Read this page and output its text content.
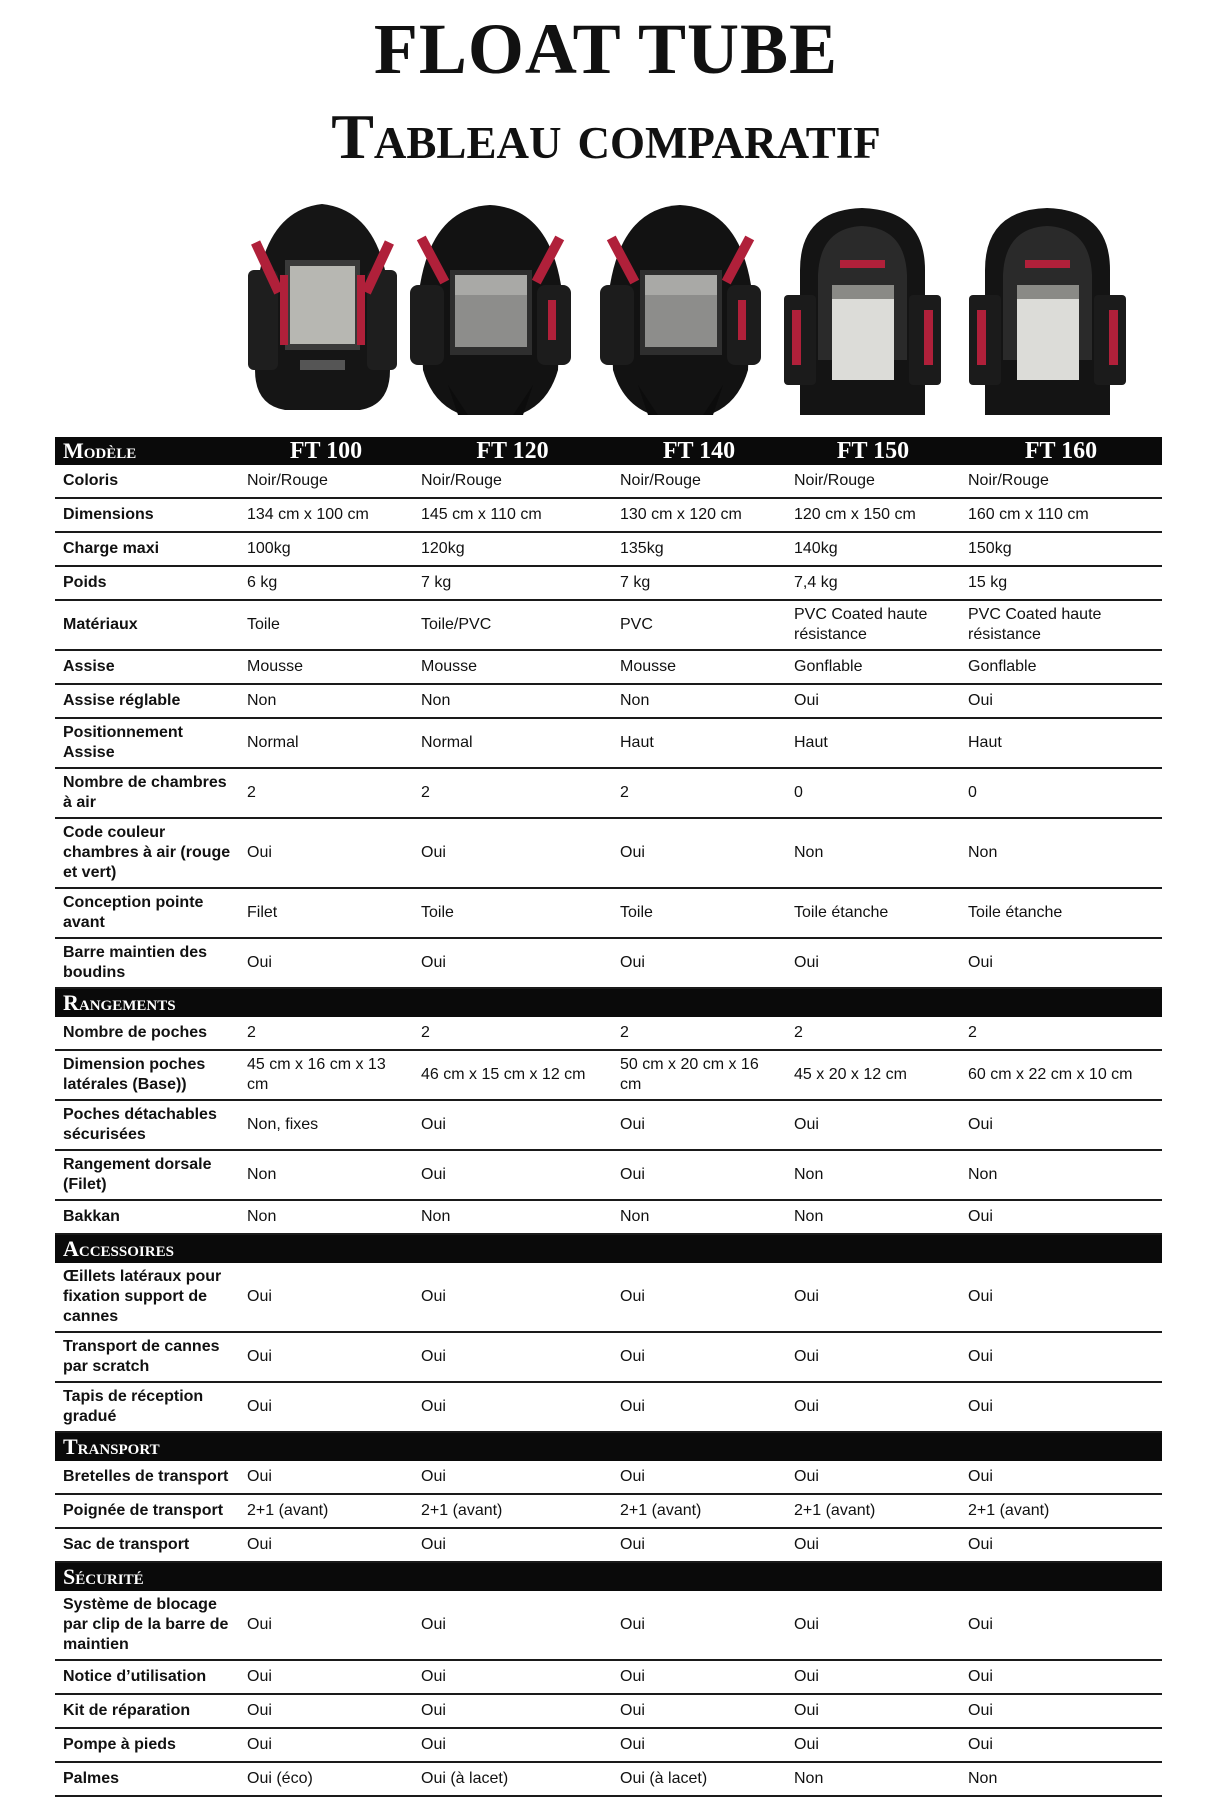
FLOAT TUBE
Tableau comparatif
Modèle	FT 100	FT 120	FT 140	FT 150	FT 160
Coloris	Noir/Rouge	Noir/Rouge	Noir/Rouge	Noir/Rouge	Noir/Rouge
Dimensions	134 cm x 100 cm	145 cm x 110 cm	130 cm x 120 cm	120 cm x 150 cm	160 cm x 110 cm
Charge maxi	100kg	120kg	135kg	140kg	150kg
Poids	6 kg	7 kg	7 kg	7,4 kg	15 kg
Matériaux	Toile	Toile/PVC	PVC	PVC Coated haute résistance	PVC Coated haute résistance
Assise	Mousse	Mousse	Mousse	Gonflable	Gonflable
Assise réglable	Non	Non	Non	Oui	Oui
Positionnement Assise	Normal	Normal	Haut	Haut	Haut
Nombre de chambres à air	2	2	2	0	0
Code couleur chambres à air (rouge et vert)	Oui	Oui	Oui	Non	Non
Conception pointe avant	Filet	Toile	Toile	Toile étanche	Toile étanche
Barre maintien des boudins	Oui	Oui	Oui	Oui	Oui
Rangements					
Nombre de poches	2	2	2	2	2
Dimension poches latérales (Base))	45 cm x 16 cm x 13 cm	46 cm x 15 cm x 12 cm	50 cm x 20 cm x 16 cm	45 x 20 x 12 cm	60 cm x 22 cm x 10 cm
Poches détachables sécurisées	Non, fixes	Oui	Oui	Oui	Oui
Rangement dorsale (Filet)	Non	Oui	Oui	Non	Non
Bakkan	Non	Non	Non	Non	Oui
Accessoires					
Œillets latéraux pour fixation support de cannes	Oui	Oui	Oui	Oui	Oui
Transport de cannes par scratch	Oui	Oui	Oui	Oui	Oui
Tapis de réception gradué	Oui	Oui	Oui	Oui	Oui
Transport					
Bretelles de transport	Oui	Oui	Oui	Oui	Oui
Poignée de transport	2+1 (avant)	2+1 (avant)	2+1 (avant)	2+1 (avant)	2+1 (avant)
Sac de transport	Oui	Oui	Oui	Oui	Oui
Sécurité					
Système de blocage par clip de la barre de maintien	Oui	Oui	Oui	Oui	Oui
Notice d’utilisation	Oui	Oui	Oui	Oui	Oui
Kit de réparation	Oui	Oui	Oui	Oui	Oui
Pompe à pieds	Oui	Oui	Oui	Oui	Oui
Palmes	Oui (éco)	Oui (à lacet)	Oui (à lacet)	Non	Non
